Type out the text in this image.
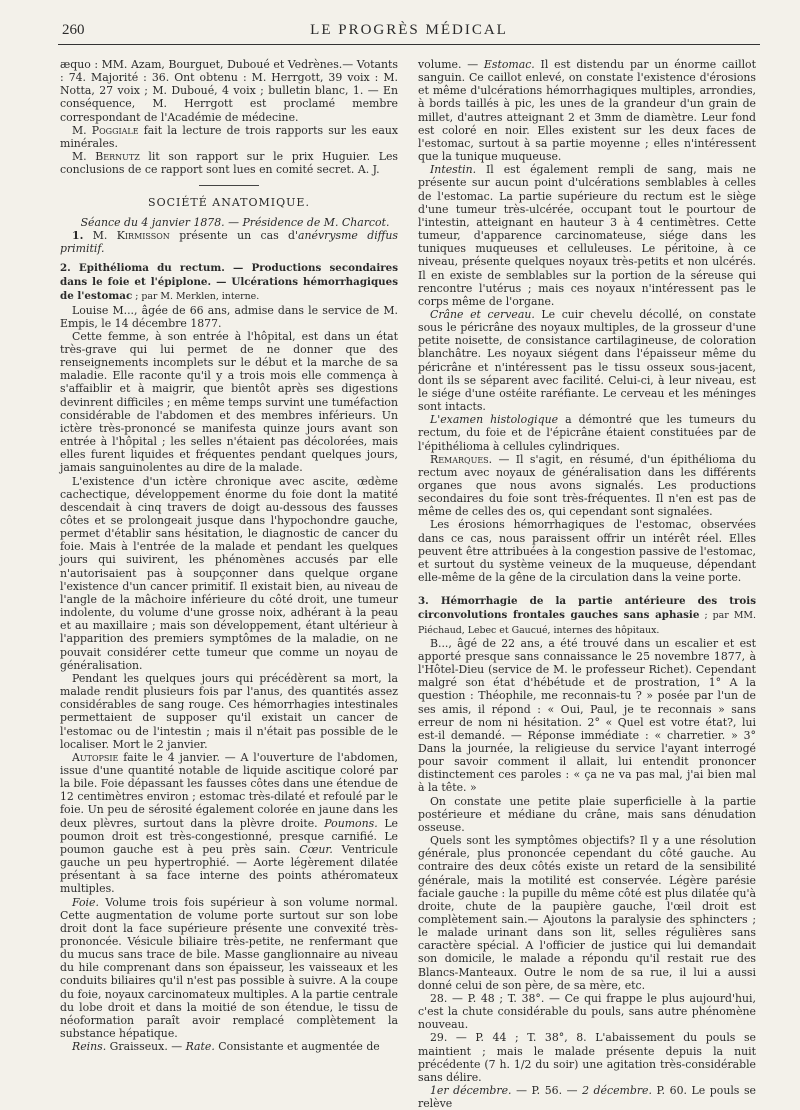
260	LE PROGRÈS MÉDICAL

æquo : MM. Azam, Bourguet, Duboué et Vedrènes.— Votants : 74. Majorité : 36. Ont obtenu : M. Herrgott, 39 voix : M. Notta, 27 voix ; M. Duboué, 4 voix ; bulletin blanc, 1. — En conséquence, M. Herrgott est proclamé membre correspondant de l'Académie de médecine.

M. Poggiale fait la lecture de trois rapports sur les eaux minérales.

M. Bernutz lit son rapport sur le prix Huguier. Les conclusions de ce rapport sont lues en comité secret. A. J.

SOCIÉTÉ ANATOMIQUE.

Séance du 4 janvier 1878. — Présidence de M. Charcot.

1. M. Kirmisson présente un cas d'anévrysme diffus primitif.

2. Epithélioma du rectum. — Productions secondaires dans le foie et l'épiplone. — Ulcérations hémorrhagiques de l'estomac ; par M. Merklen, interne.

Louise M..., âgée de 66 ans, admise dans le service de M. Empis, le 14 décembre 1877.

Cette femme, à son entrée à l'hôpital, est dans un état très-grave qui lui permet de ne donner que des renseignements incomplets sur le début et la marche de sa maladie. Elle raconte qu'il y a trois mois elle commença à s'affaiblir et à maigrir, que bientôt après ses digestions devinrent difficiles ; en même temps survint une tuméfaction considérable de l'abdomen et des membres inférieurs. Un ictère très-prononcé se manifesta quinze jours avant son entrée à l'hôpital ; les selles n'étaient pas décolorées, mais elles furent liquides et fréquentes pendant quelques jours, jamais sanguinolentes au dire de la malade.

L'existence d'un ictère chronique avec ascite, œdème cachectique, développement énorme du foie dont la matité descendait à cinq travers de doigt au-dessous des fausses côtes et se prolongeait jusque dans l'hypochondre gauche, permet d'établir sans hésitation, le diagnostic de cancer du foie. Mais à l'entrée de la malade et pendant les quelques jours qui suivirent, les phénomènes accusés par elle n'autorisaient pas à soupçonner dans quelque organe l'existence d'un cancer primitif. Il existait bien, au niveau de l'angle de la mâchoire inférieure du côté droit, une tumeur indolente, du volume d'une grosse noix, adhérant à la peau et au maxillaire ; mais son développement, étant ultérieur à l'apparition des premiers symptômes de la maladie, on ne pouvait considérer cette tumeur que comme un noyau de généralisation.

Pendant les quelques jours qui précédèrent sa mort, la malade rendit plusieurs fois par l'anus, des quantités assez considérables de sang rouge. Ces hémorrhagies intestinales permettaient de supposer qu'il existait un cancer de l'estomac ou de l'intestin ; mais il n'était pas possible de le localiser. Mort le 2 janvier.

Autopsie faite le 4 janvier. — A l'ouverture de l'abdomen, issue d'une quantité notable de liquide ascitique coloré par la bile. Foie dépassant les fausses côtes dans une étendue de 12 centimètres environ ; estomac très-dilaté et refoulé par le foie. Un peu de sérosité également colorée en jaune dans les deux plèvres, surtout dans la plèvre droite. Poumons. Le poumon droit est très-congestionné, presque carnifié. Le poumon gauche est à peu près sain. Cœur. Ventricule gauche un peu hypertrophié. — Aorte légèrement dilatée présentant à sa face interne des points athéromateux multiples.

Foie. Volume trois fois supérieur à son volume normal. Cette augmentation de volume porte surtout sur son lobe droit dont la face supérieure présente une convexité très-prononcée. Vésicule biliaire très-petite, ne renfermant que du mucus sans trace de bile. Masse ganglionnaire au niveau du hile comprenant dans son épaisseur, les vaisseaux et les conduits biliaires qu'il n'est pas possible à suivre. A la coupe du foie, noyaux carcinomateux multiples. A la partie centrale du lobe droit et dans la moitié de son étendue, le tissu de néoformation paraît avoir remplacé complètement la substance hépatique.

Reins. Graisseux. — Rate. Consistante et augmentée de

volume. — Estomac. Il est distendu par un énorme caillot sanguin. Ce caillot enlevé, on constate l'existence d'érosions et même d'ulcérations hémorrhagiques multiples, arrondies, à bords taillés à pic, les unes de la grandeur d'un grain de millet, d'autres atteignant 2 et 3mm de diamètre. Leur fond est coloré en noir. Elles existent sur les deux faces de l'estomac, surtout à sa partie moyenne ; elles n'intéressent que la tunique muqueuse.

Intestin. Il est également rempli de sang, mais ne présente sur aucun point d'ulcérations semblables à celles de l'estomac. La partie supérieure du rectum est le siège d'une tumeur très-ulcérée, occupant tout le pourtour de l'intestin, atteignant en hauteur 3 à 4 centimètres. Cette tumeur, d'apparence carcinomateuse, siége dans les tuniques muqueuses et celluleuses. Le péritoine, à ce niveau, présente quelques noyaux très-petits et non ulcérés. Il en existe de semblables sur la portion de la séreuse qui rencontre l'utérus ; mais ces noyaux n'intéressent pas le corps même de l'organe.

Crâne et cerveau. Le cuir chevelu décollé, on constate sous le péricrâne des noyaux multiples, de la grosseur d'une petite noisette, de consistance cartilagineuse, de coloration blanchâtre. Les noyaux siégent dans l'épaisseur même du péricrâne et n'intéressent pas le tissu osseux sous-jacent, dont ils se séparent avec facilité. Celui-ci, à leur niveau, est le siége d'une ostéite raréfiante. Le cerveau et les méninges sont intacts.

L'examen histologique a démontré que les tumeurs du rectum, du foie et de l'épicrâne étaient constituées par de l'épithélioma à cellules cylindriques.

Remarques. — Il s'agit, en résumé, d'un épithélioma du rectum avec noyaux de généralisation dans les différents organes que nous avons signalés. Les productions secondaires du foie sont très-fréquentes. Il n'en est pas de même de celles des os, qui cependant sont signalées.

Les érosions hémorrhagiques de l'estomac, observées dans ce cas, nous paraissent offrir un intérêt réel. Elles peuvent être attribuées à la congestion passive de l'estomac, et surtout du système veineux de la muqueuse, dépendant elle-même de la gêne de la circulation dans la veine porte.

3. Hémorrhagie de la partie antérieure des trois circonvolutions frontales gauches sans aphasie ; par MM. Piéchaud, Lebec et Gaucué, internes des hôpitaux.

B..., âgé de 22 ans, a été trouvé dans un escalier et est apporté presque sans connaissance le 25 novembre 1877, à l'Hôtel-Dieu (service de M. le professeur Richet). Cependant malgré son état d'hébétude et de prostration, 1° A la question : Théophile, me reconnais-tu ? » posée par l'un de ses amis, il répond : « Oui, Paul, je te reconnais » sans erreur de nom ni hésitation. 2° « Quel est votre état?, lui est-il demandé. — Réponse immédiate : « charretier. » 3° Dans la journée, la religieuse du service l'ayant interrogé pour savoir comment il allait, lui entendit prononcer distinctement ces paroles : « ça ne va pas mal, j'ai bien mal à la tête. »

On constate une petite plaie superficielle à la partie postérieure et médiane du crâne, mais sans dénudation osseuse.

Quels sont les symptômes objectifs? Il y a une résolution générale, plus prononcée cependant du côté gauche. Au contraire des deux côtés existe un retard de la sensibilité générale, mais la motilité est conservée. Légère parésie faciale gauche : la pupille du même côté est plus dilatée qu'à droite, chute de la paupière gauche, l'œil droit est complètement sain.— Ajoutons la paralysie des sphincters ; le malade urinant dans son lit, selles régulières sans caractère spécial. A l'officier de justice qui lui demandait son domicile, le malade a répondu qu'il restait rue des Blancs-Manteaux. Outre le nom de sa rue, il lui a aussi donné celui de son père, de sa mère, etc.

28. — P. 48 ; T. 38°. — Ce qui frappe le plus aujourd'hui, c'est la chute considérable du pouls, sans autre phénomène nouveau.

29. — P. 44 ; T. 38°, 8. L'abaissement du pouls se maintient ; mais le malade présente depuis la nuit précédente (7 h. 1/2 du soir) une agitation très-considérable sans délire.

1er décembre. — P. 56. — 2 décembre. P. 60. Le pouls se relève
